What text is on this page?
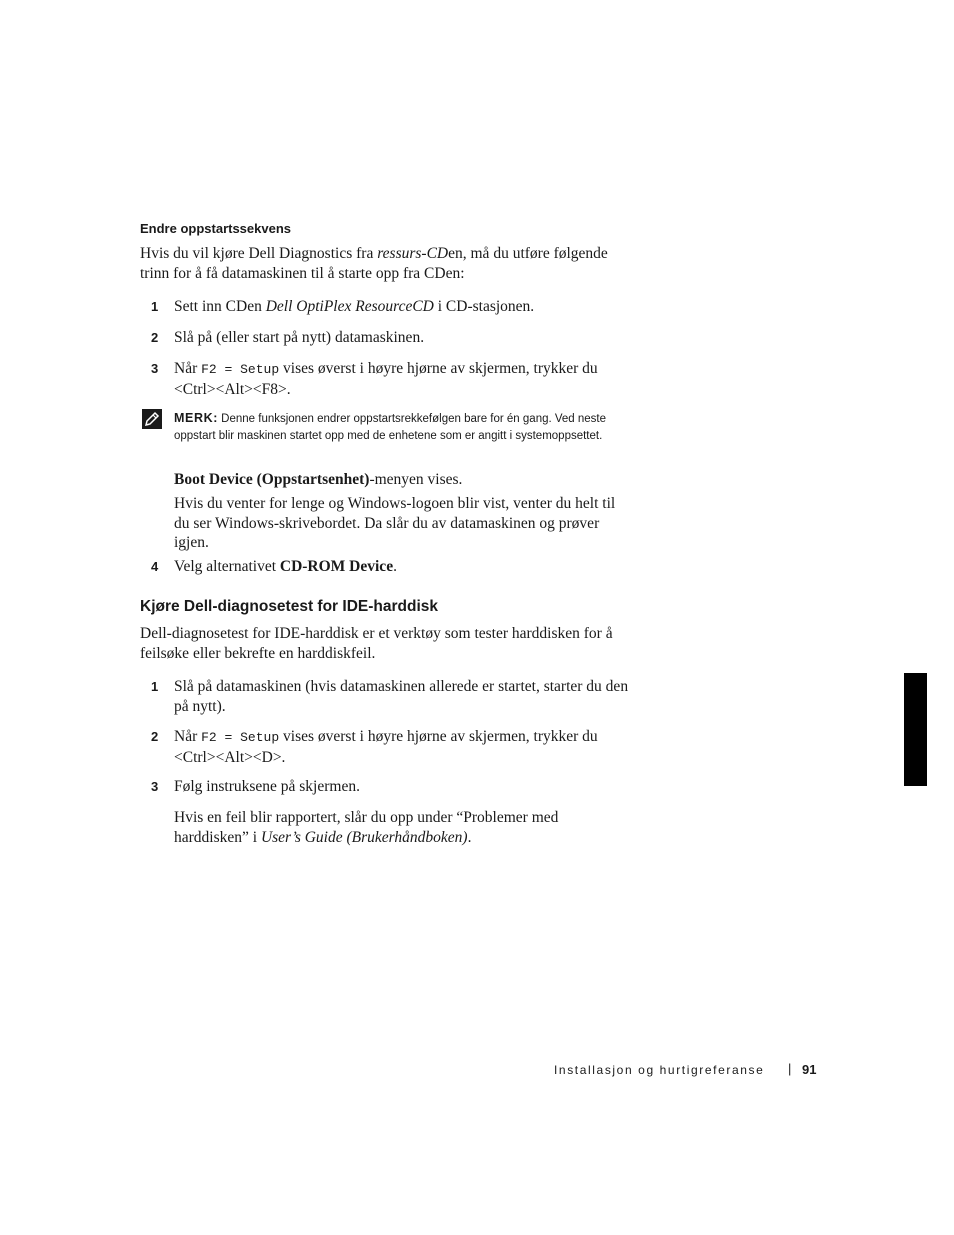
Endre oppstartssekvens
Hvis du vil kjøre Dell Diagnostics fra ressurs-CDen, må du utføre følgende trinn for å få datamaskinen til å starte opp fra CDen:
1 Sett inn CDen Dell OptiPlex ResourceCD i CD-stasjonen.
2 Slå på (eller start på nytt) datamaskinen.
3 Når F2 = Setup vises øverst i høyre hjørne av skjermen, trykker du <Ctrl><Alt><F8>.
MERK: Denne funksjonen endrer oppstartsrekkefølgen bare for én gang. Ved neste oppstart blir maskinen startet opp med de enhetene som er angitt i systemoppsettet.
Boot Device (Oppstartsenhet)-menyen vises.
Hvis du venter for lenge og Windows-logoen blir vist, venter du helt til du ser Windows-skrivebordet. Da slår du av datamaskinen og prøver igjen.
4 Velg alternativet CD-ROM Device.
Kjøre Dell-diagnosetest for IDE-harddisk
Dell-diagnosetest for IDE-harddisk er et verktøy som tester harddisken for å feilsøke eller bekrefte en harddiskfeil.
1 Slå på datamaskinen (hvis datamaskinen allerede er startet, starter du den på nytt).
2 Når F2 = Setup vises øverst i høyre hjørne av skjermen, trykker du <Ctrl><Alt><D>.
3 Følg instruksene på skjermen.
Hvis en feil blir rapportert, slår du opp under “Problemer med harddisken” i User’s Guide (Brukerhåndboken).
Installasjon og hurtigreferanse | 91
